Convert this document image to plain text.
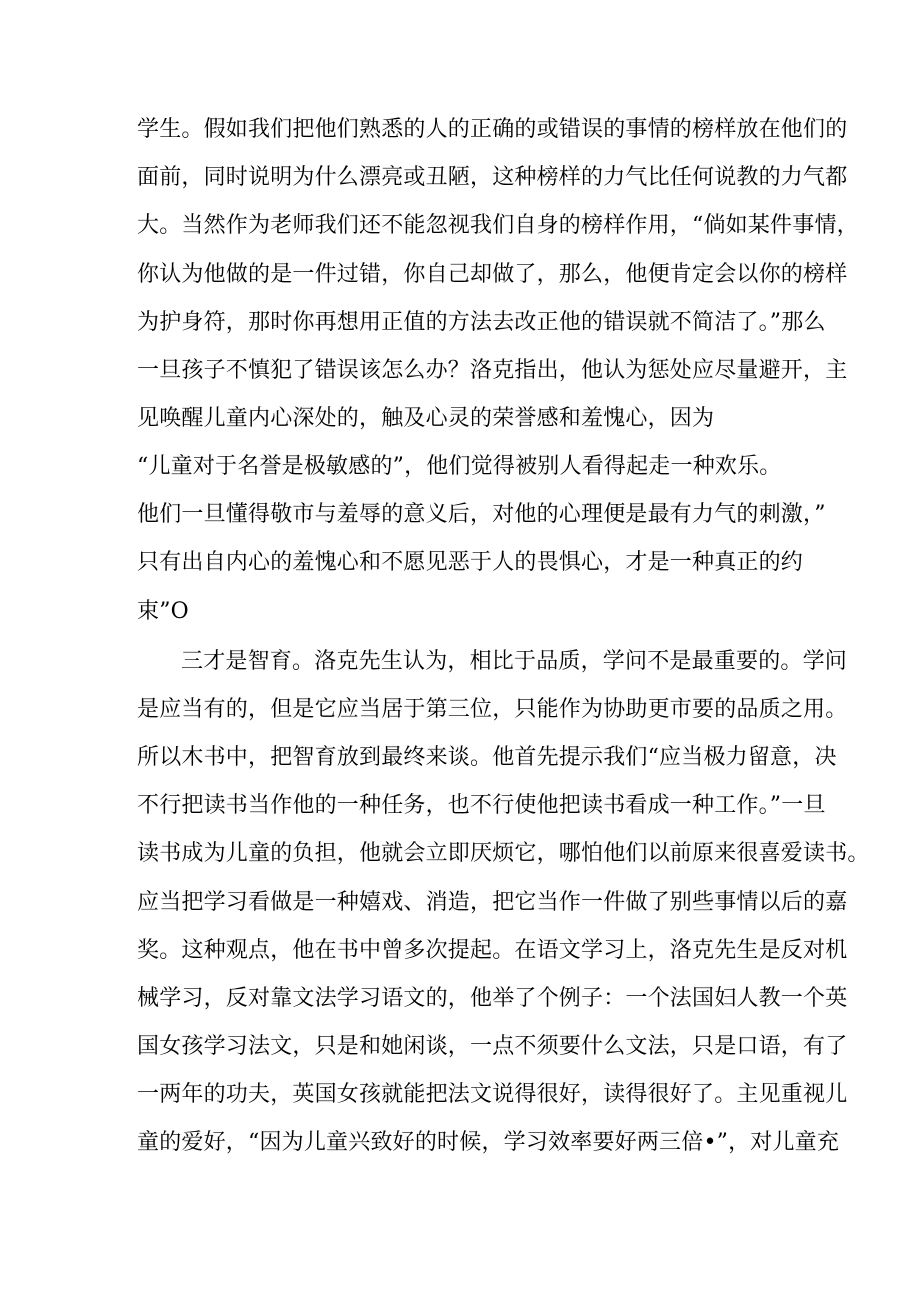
学生。假如我们把他们熟悉的人的正确的或错误的事情的榜样放在他们的
面前，同时说明为什么漂亮或丑陋，这种榜样的力气比任何说教的力气都
大。当然作为老师我们还不能忽视我们自身的榜样作用，“倘如某件事情，
你认为他做的是一件过错，你自己却做了，那么，他便肯定会以你的榜样
为护身符，那时你再想用正值的方法去改正他的错误就不简洁了。”那么
一旦孩子不慎犯了错误该怎么办？洛克指出，他认为惩处应尽量避开，主
见唤醒儿童内心深处的，触及心灵的荣誉感和羞愧心，因为
“儿童对于名誉是极敏感的”，他们觉得被别人看得起走一种欢乐。
他们一旦懂得敬市与羞辱的意义后，对他的心理便是最有力气的刺激，”
只有出自内心的羞愧心和不愿见恶于人的畏惧心，才是一种真正的约
束”O
三才是智育。洛克先生认为，相比于品质，学问不是最重要的。学问
是应当有的，但是它应当居于第三位，只能作为协助更市要的品质之用。
所以木书中，把智育放到最终来谈。他首先提示我们“应当极力留意，决
不行把读书当作他的一种任务，也不行使他把读书看成一种工作。”一旦
读书成为儿童的负担，他就会立即厌烦它，哪怕他们以前原来很喜爱读书。
应当把学习看做是一种嬉戏、消造，把它当作一件做了别些事情以后的嘉
奖。这种观点，他在书中曾多次提起。在语文学习上，洛克先生是反对机
械学习，反对靠文法学习语文的，他举了个例子：一个法国妇人教一个英
国女孩学习法文，只是和她闲谈，一点不须要什么文法，只是口语，有了
一两年的功夫，英国女孩就能把法文说得很好，读得很好了。主见重视儿
童的爱好，“因为儿童兴致好的时候，学习效率要好两三倍•”，对儿童充
